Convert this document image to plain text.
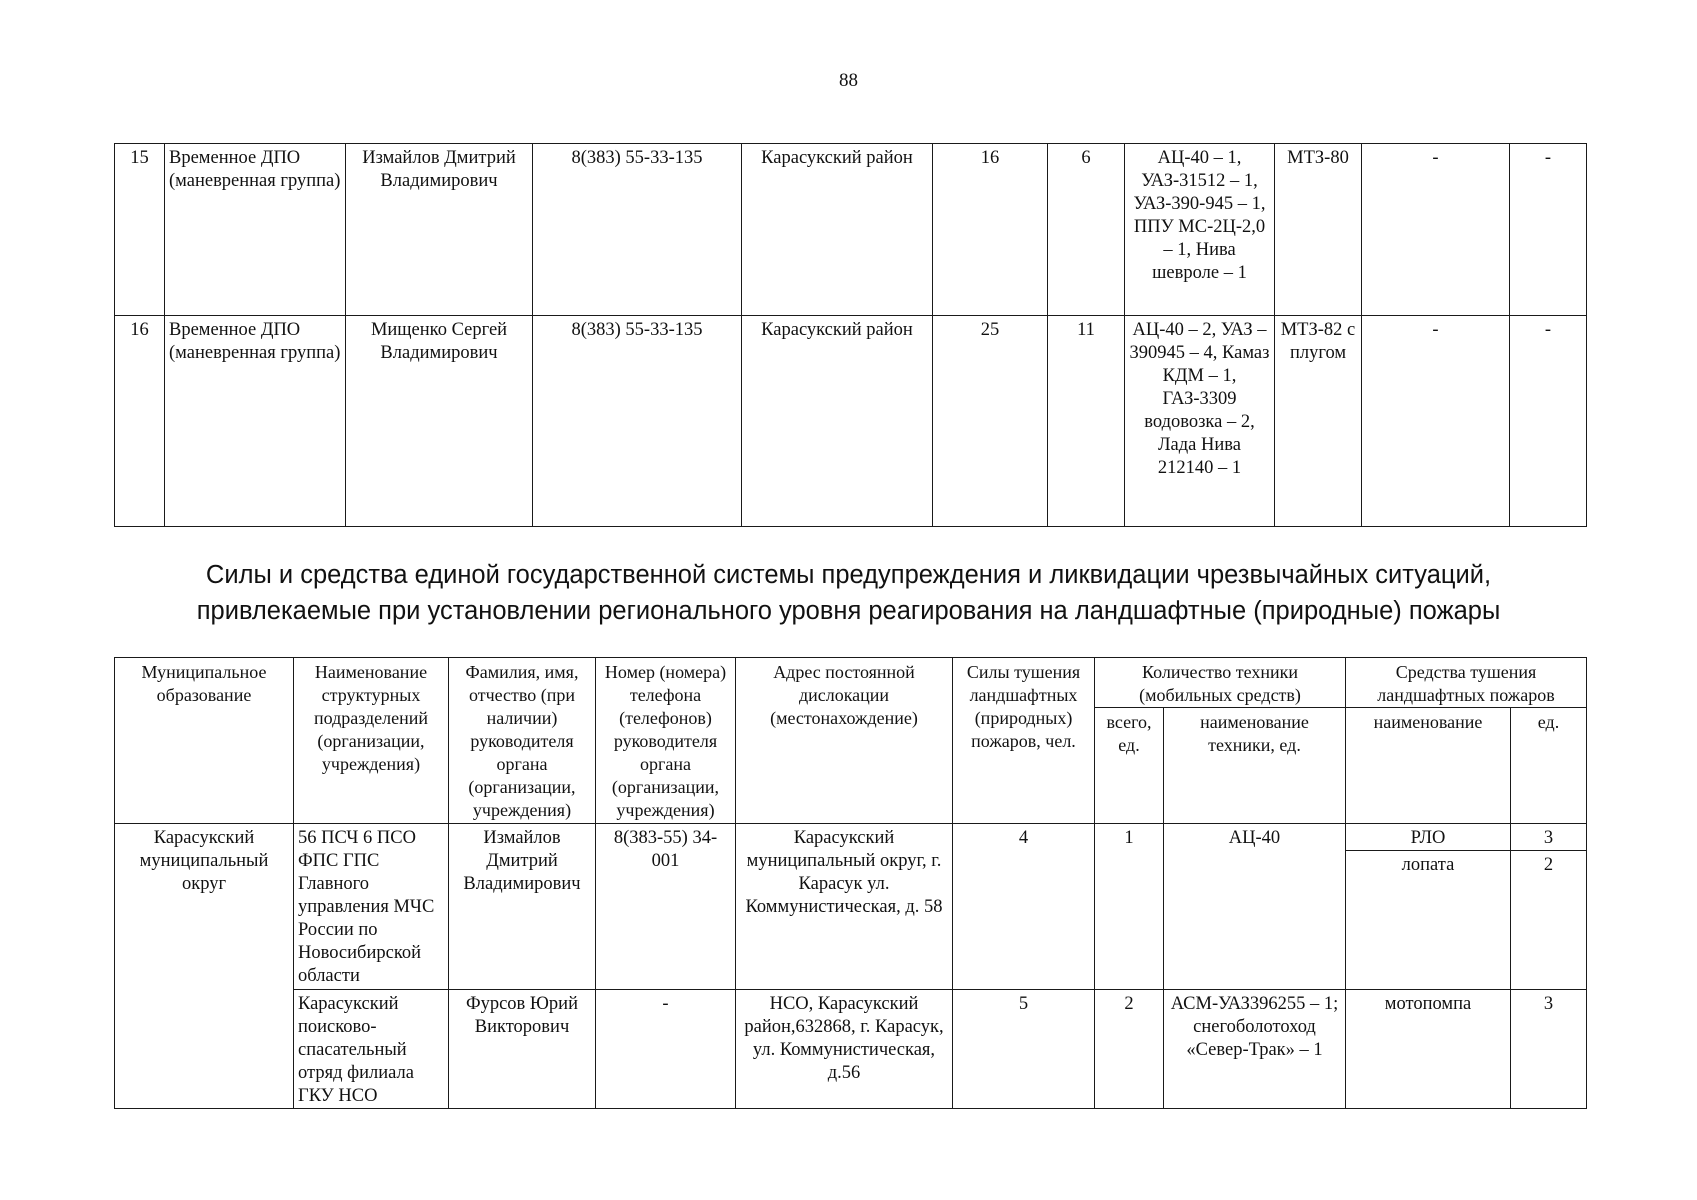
88
15	Временное ДПО (маневренная группа)	Измайлов Дмитрий Владимирович	8(383) 55-33-135	Карасукский район	16	6	АЦ-40 – 1, УАЗ-31512 – 1, УАЗ-390-945 – 1, ППУ МС-2Ц-2,0 – 1, Нива шевроле – 1	МТЗ-80	-	-
16	Временное ДПО (маневренная группа)	Мищенко Сергей Владимирович	8(383) 55-33-135	Карасукский район	25	11	АЦ-40 – 2, УАЗ – 390945 – 4, Камаз КДМ – 1, ГАЗ-3309 водовозка – 2, Лада Нива 212140 – 1	МТЗ-82 с плугом	-	-
Силы и средства единой государственной системы предупреждения и ликвидации чрезвычайных ситуаций,
привлекаемые при установлении регионального уровня реагирования на ландшафтные (природные) пожары
Муниципальное образование	Наименование структурных подразделений (организации, учреждения)	Фамилия, имя, отчество (при наличии) руководителя органа (организации, учреждения)	Номер (номера) телефона (телефонов) руководителя органа (организации, учреждения)	Адрес постоянной дислокации (местонахождение)	Силы тушения ландшафтных (природных) пожаров, чел.	Количество техники (мобильных средств)		Средства тушения ландшафтных пожаров	
						всего, ед.	наименование техники, ед.		
								наименование	ед.
Карасукский муниципальный округ	56 ПСЧ 6 ПСО ФПС ГПС Главного управления МЧС России по Новосибирской области	Измайлов Дмитрий Владимирович	8(383-55) 34-001	Карасукский муниципальный округ, г. Карасук ул. Коммунистическая, д. 58	4	1	АЦ-40	РЛО	3
								лопата	2
	Карасукский поисково-спасательный отряд филиала ГКУ НСО	Фурсов Юрий Викторович	-	НСО, Карасукский район,632868, г. Карасук, ул. Коммунистическая, д.56	5	2	АСМ-УАЗ396255 – 1; снегоболотоход «Север-Трак» – 1	мотопомпа	3
